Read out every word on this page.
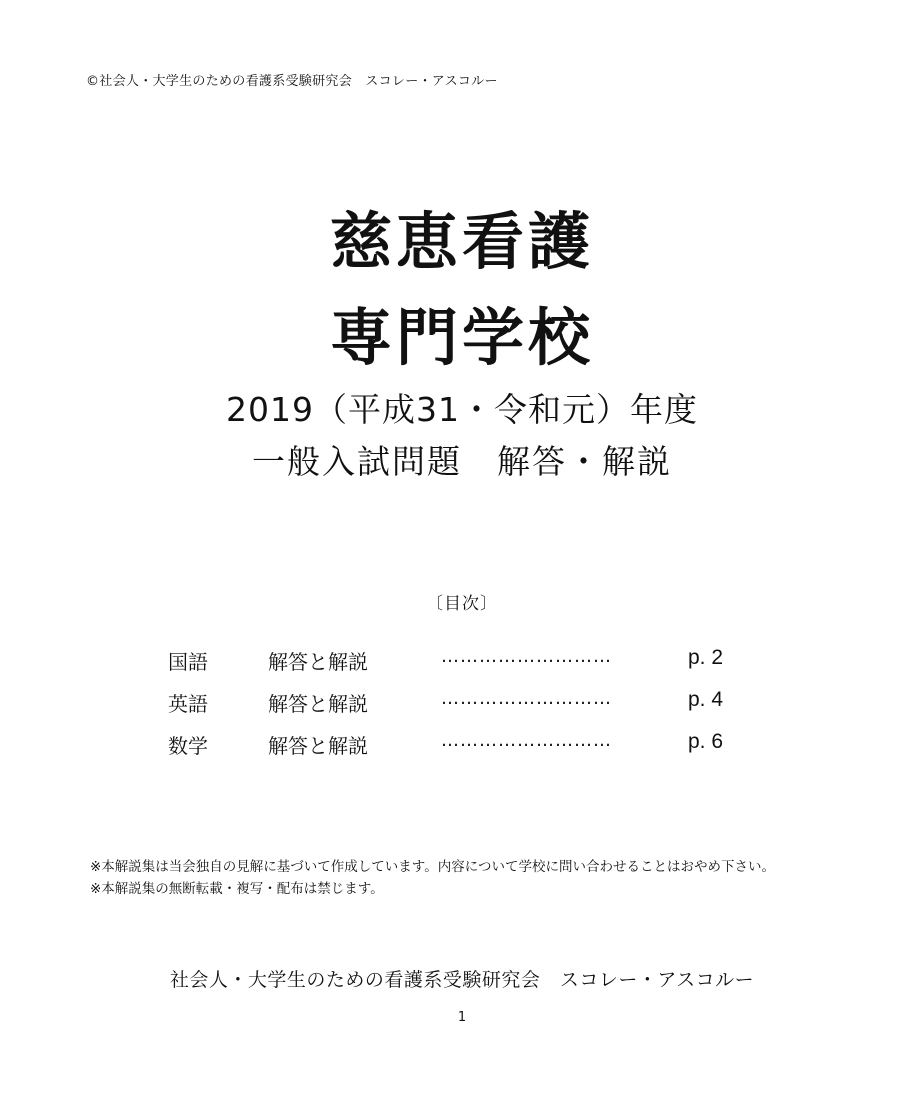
©社会人・大学生のための看護系受験研究会　スコレー・アスコルー
慈恵看護
専門学校
2019（平成31・令和元）年度
一般入試問題　解答・解説
〔目次〕
国語	解答と解説	………………………	p. 2
英語	解答と解説	………………………	p. 4
数学	解答と解説	………………………	p. 6

※本解説集は当会独自の見解に基づいて作成しています。内容について学校に問い合わせることはおやめ下さい。

※本解説集の無断転載・複写・配布は禁じます。

社会人・大学生のための看護系受験研究会　スコレー・アスコルー
1
